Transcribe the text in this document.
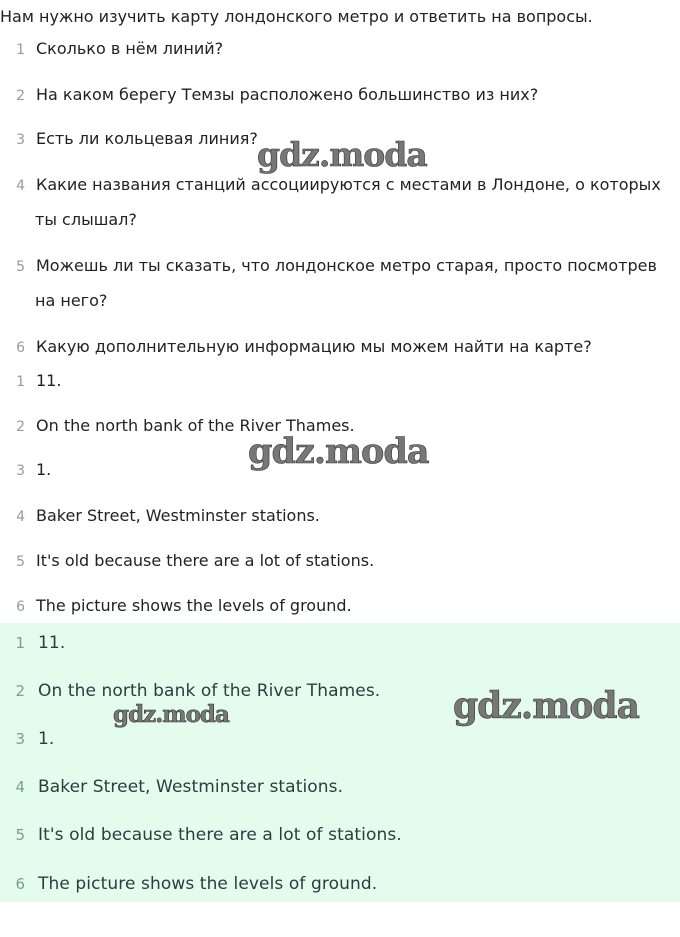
Нам нужно изучить карту лондонского метро и ответить на вопросы.
1 Сколько в нём линий?
2 На каком берегу Темзы расположено большинство из них?
3 Есть ли кольцевая линия?
4 Какие названия станций ассоциируются с местами в Лондоне, о которых
ты слышал?
5 Можешь ли ты сказать, что лондонское метро старая, просто посмотрев
на него?
6 Какую дополнительную информацию мы можем найти на карте?
1 11.
2 On the north bank of the River Thames.
3 1.
4 Baker Street, Westminster stations.
5 It's old because there are a lot of stations.
6 The picture shows the levels of ground.
1 11.
2 On the north bank of the River Thames.
3 1.
4 Baker Street, Westminster stations.
5 It's old because there are a lot of stations.
6 The picture shows the levels of ground.
gdz.moda
gdz.moda
gdz.moda	gdz.moda
